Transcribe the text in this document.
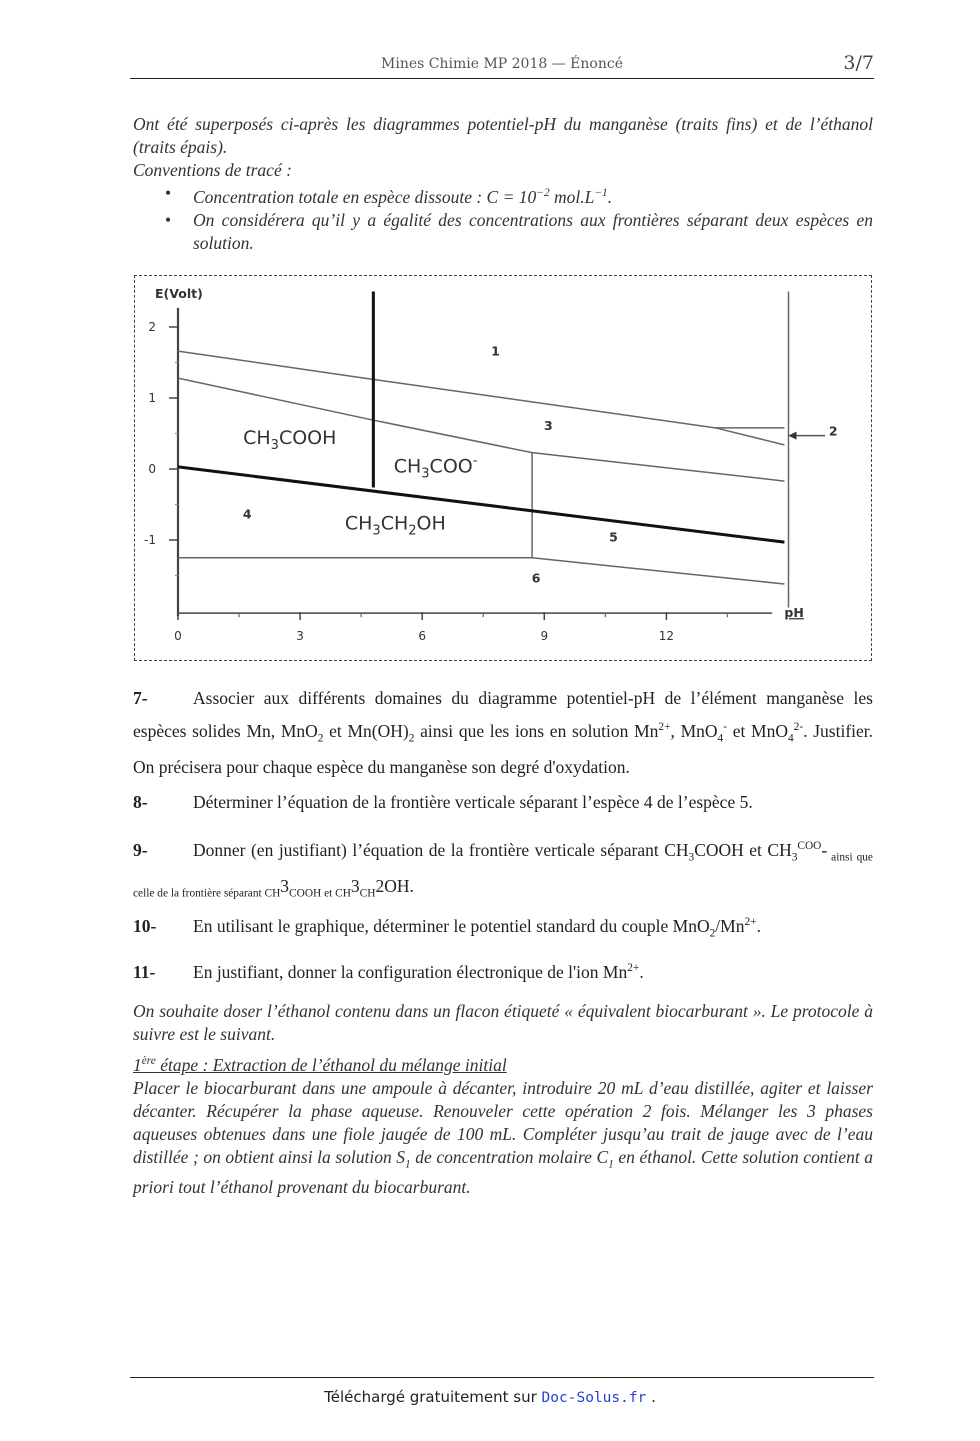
Mines Chimie MP 2018 — Énoncé	3/7

Ont été superposés ci-après les diagrammes potentiel-pH du manganèse (traits fins) et de l’éthanol (traits épais).

Conventions de tracé :

• Concentration totale en espèce dissoute : $C = 10^{-2}$ $mol.L^{-1}$.
• On considérera qu’il y a égalité des concentrations aux frontières séparant deux espèces en solution.
E(Volt)
pH
2
1
0
-1
0	3	6	9	12
$CH_3COOH$
$CH_3COO^-$
$CH_3CH_2OH$
1
3
4
5
6
2
7-	Associer aux différents domaines du diagramme potentiel-pH de l’élément manganèse les espèces solides Mn, MnO$_2$ et $Mn(OH)_2$ ainsi que les ions en solution $Mn^{2+}$, MnO$_4$- et MnO$_4^{2-}$. Justifier. On précisera pour chaque espèce du manganèse son degré d'oxydation.
8-	Déterminer l’équation de la frontière verticale séparant l’espèce 4 de l’espèce 5.
9-	Donner (en justifiant) l’équation de la frontière verticale séparant $CH_3COOH$ et $CH_3^{COO}-$ $_{ainsi que celle de la frontière séparant CH}3_{COOH et CH}3_{CH}2OH$.
10- En utilisant le graphique, déterminer le potentiel standard du couple $MnO_2/Mn^{2+}$.
11- En justifiant, donner la configuration électronique de l'ion $Mn^{2+}$.

On souhaite doser l’éthanol contenu dans un flacon étiqueté « équivalent biocarburant ». Le protocole à suivre est le suivant.

1ère étape : Extraction de l’éthanol du mélange initial

Placer le biocarburant dans une ampoule à décanter, introduire 20 mL d’eau distillée, agiter et laisser décanter. Récupérer la phase aqueuse. Renouveler cette opération 2 fois. Mélanger les 3 phases aqueuses obtenues dans une fiole jaugée de 100 mL. Compléter jusqu’au trait de jauge avec de l’eau distillée ; on obtient ainsi la solution $S_1$ de concentration molaire $C_1$ en éthanol. Cette solution contient a priori tout l’éthanol provenant du biocarburant.

Téléchargé gratuitement sur Doc-Solus.fr .
